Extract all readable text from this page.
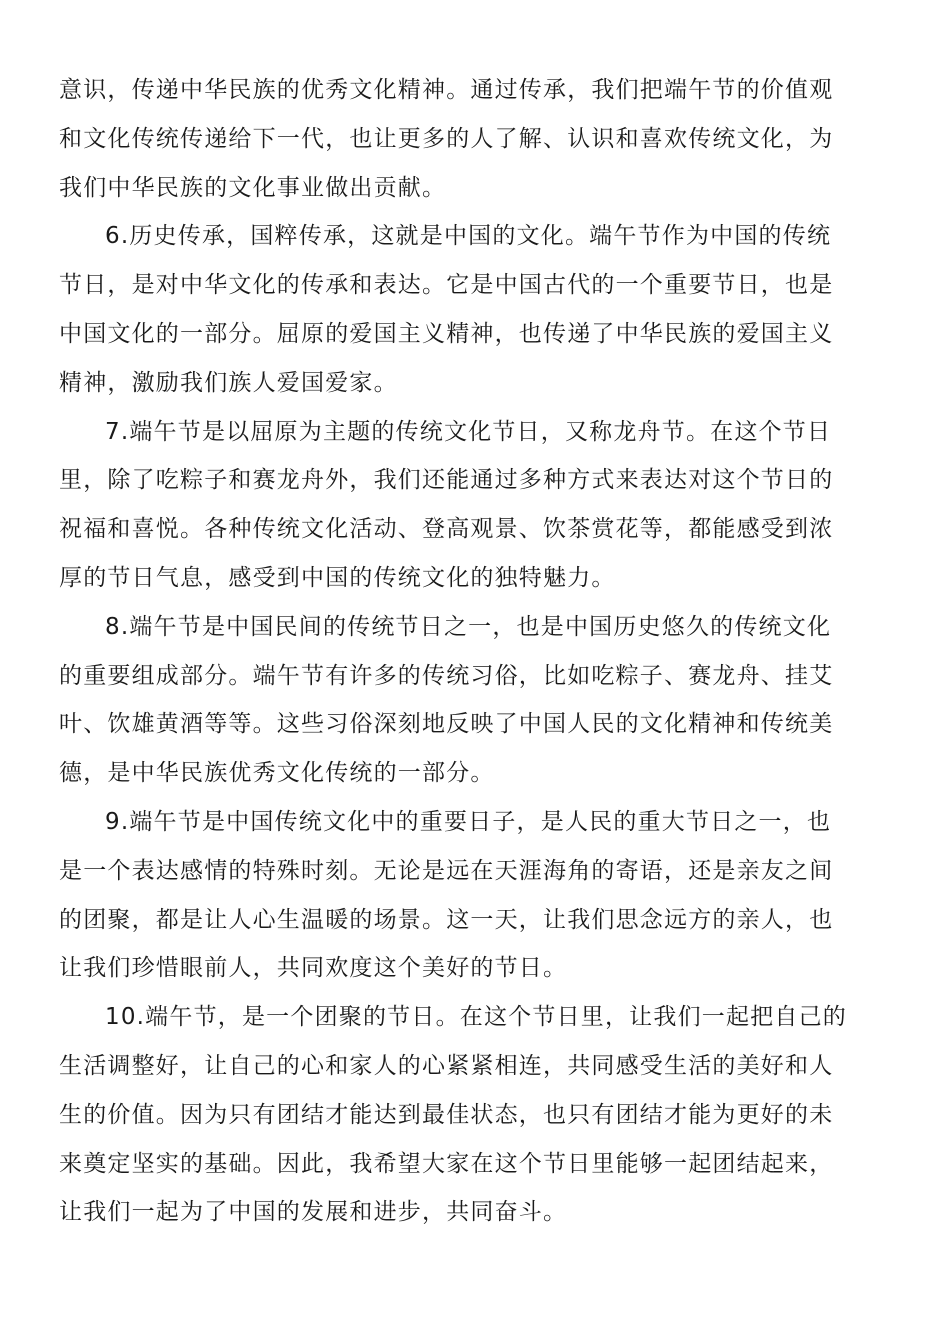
意识，传递中华民族的优秀文化精神。通过传承，我们把端午节的价值观
和文化传统传递给下一代，也让更多的人了解、认识和喜欢传统文化，为
我们中华民族的文化事业做出贡献。

6.历史传承，国粹传承，这就是中国的文化。端午节作为中国的传统
节日，是对中华文化的传承和表达。它是中国古代的一个重要节日，也是
中国文化的一部分。屈原的爱国主义精神，也传递了中华民族的爱国主义
精神，激励我们族人爱国爱家。

7.端午节是以屈原为主题的传统文化节日，又称龙舟节。在这个节日
里，除了吃粽子和赛龙舟外，我们还能通过多种方式来表达对这个节日的
祝福和喜悦。各种传统文化活动、登高观景、饮茶赏花等，都能感受到浓
厚的节日气息，感受到中国的传统文化的独特魅力。

8.端午节是中国民间的传统节日之一，也是中国历史悠久的传统文化
的重要组成部分。端午节有许多的传统习俗，比如吃粽子、赛龙舟、挂艾
叶、饮雄黄酒等等。这些习俗深刻地反映了中国人民的文化精神和传统美
德，是中华民族优秀文化传统的一部分。

9.端午节是中国传统文化中的重要日子，是人民的重大节日之一，也
是一个表达感情的特殊时刻。无论是远在天涯海角的寄语，还是亲友之间
的团聚，都是让人心生温暖的场景。这一天，让我们思念远方的亲人，也
让我们珍惜眼前人，共同欢度这个美好的节日。

10.端午节，是一个团聚的节日。在这个节日里，让我们一起把自己的
生活调整好，让自己的心和家人的心紧紧相连，共同感受生活的美好和人
生的价值。因为只有团结才能达到最佳状态，也只有团结才能为更好的未
来奠定坚实的基础。因此，我希望大家在这个节日里能够一起团结起来，
让我们一起为了中国的发展和进步，共同奋斗。
